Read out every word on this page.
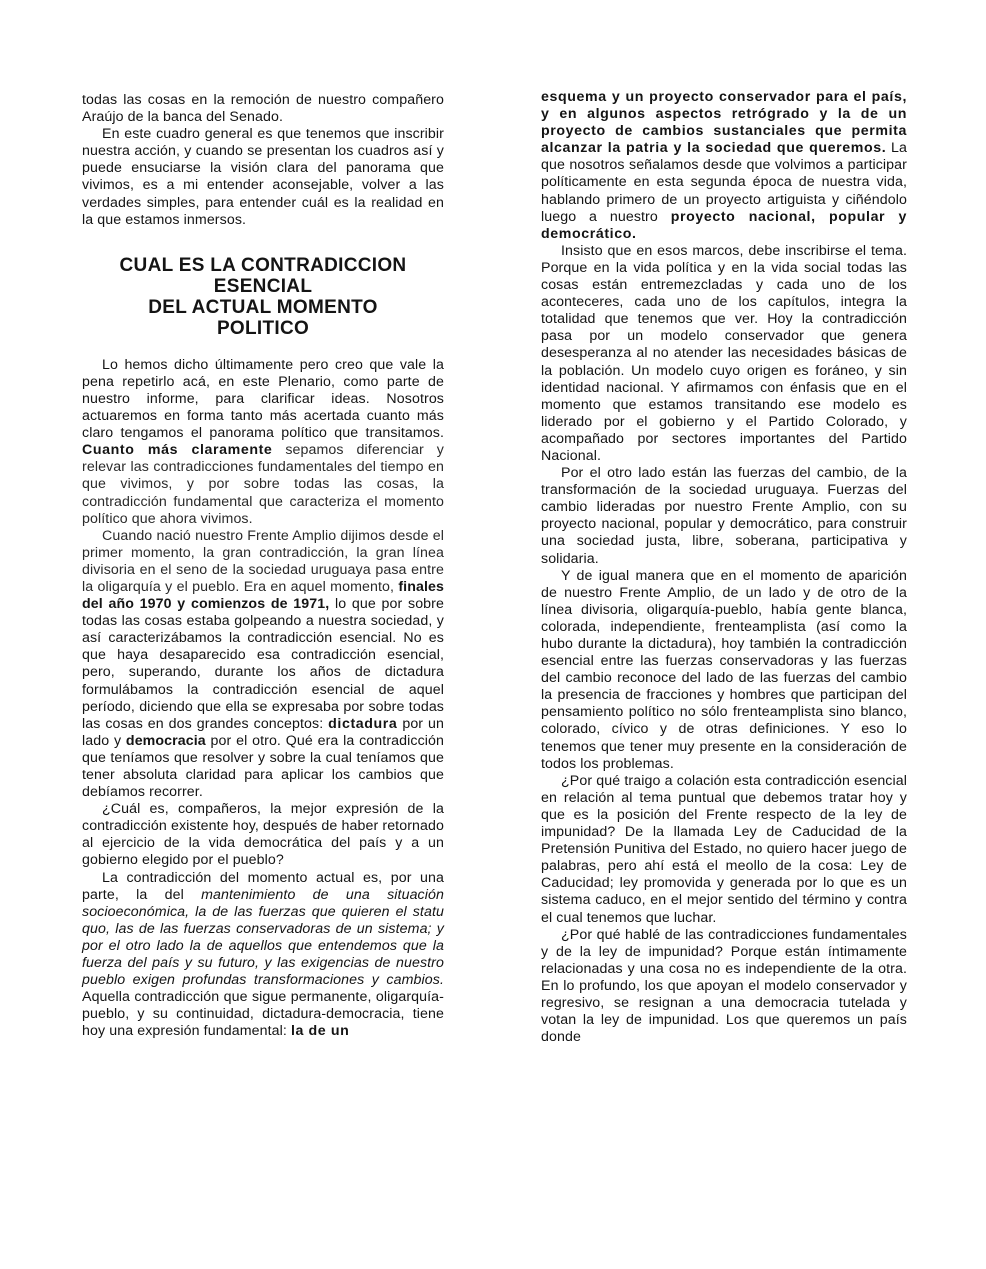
todas las cosas en la remoción de nuestro compañero Araújo de la banca del Senado.

En este cuadro general es que tenemos que inscribir nuestra acción, y cuando se presentan los cuadros así y puede ensuciarse la visión clara del panorama que vivimos, es a mi entender aconsejable, volver a las verdades simples, para entender cuál es la realidad en la que estamos inmersos.

CUAL ES LA CONTRADICCION
ESENCIAL
DEL ACTUAL MOMENTO
POLITICO

Lo hemos dicho últimamente pero creo que vale la pena repetirlo acá, en este Plenario, como parte de nuestro informe, para clarificar ideas. Nosotros actuaremos en forma tanto más acertada cuanto más claro tengamos el panorama político que transitamos. Cuanto más claramente sepamos diferenciar y relevar las contradicciones fundamentales del tiempo en que vivimos, y por sobre todas las cosas, la contradicción fundamental que caracteriza el momento político que ahora vivimos.

Cuando nació nuestro Frente Amplio dijimos desde el primer momento, la gran contradicción, la gran línea divisoria en el seno de la sociedad uruguaya pasa entre la oligarquía y el pueblo. Era en aquel momento, finales del año 1970 y comienzos de 1971, lo que por sobre todas las cosas estaba golpeando a nuestra sociedad, y así caracterizábamos la contradicción esencial. No es que haya desaparecido esa contradicción esencial, pero, superando, durante los años de dictadura formulábamos la contradicción esencial de aquel período, diciendo que ella se expresaba por sobre todas las cosas en dos grandes conceptos: dictadura por un lado y democracia por el otro. Qué era la contradicción que teníamos que resolver y sobre la cual teníamos que tener absoluta claridad para aplicar los cambios que debíamos recorrer.

¿Cuál es, compañeros, la mejor expresión de la contradicción existente hoy, después de haber retornado al ejercicio de la vida democrática del país y a un gobierno elegido por el pueblo?

La contradicción del momento actual es, por una parte, la del mantenimiento de una situación socioeconómica, la de las fuerzas que quieren el statu quo, las de las fuerzas conservadoras de un sistema; y por el otro lado la de aquellos que entendemos que la fuerza del país y su futuro, y las exigencias de nuestro pueblo exigen profundas transformaciones y cambios. Aquella contradicción que sigue permanente, oligarquía-pueblo, y su continuidad, dictadura-democracia, tiene hoy una expresión fundamental: la de un

esquema y un proyecto conservador para el país, y en algunos aspectos retrógrado y la de un proyecto de cambios sustanciales que permita alcanzar la patria y la sociedad que queremos. La que nosotros señalamos desde que volvimos a participar políticamente en esta segunda época de nuestra vida, hablando primero de un proyecto artiguista y ciñéndolo luego a nuestro proyecto nacional, popular y democrático.

Insisto que en esos marcos, debe inscribirse el tema. Porque en la vida política y en la vida social todas las cosas están entremezcladas y cada uno de los aconteceres, cada uno de los capítulos, integra la totalidad que tenemos que ver. Hoy la contradicción pasa por un modelo conservador que genera desesperanza al no atender las necesidades básicas de la población. Un modelo cuyo origen es foráneo, y sin identidad nacional. Y afirmamos con énfasis que en el momento que estamos transitando ese modelo es liderado por el gobierno y el Partido Colorado, y acompañado por sectores importantes del Partido Nacional.

Por el otro lado están las fuerzas del cambio, de la transformación de la sociedad uruguaya. Fuerzas del cambio lideradas por nuestro Frente Amplio, con su proyecto nacional, popular y democrático, para construir una sociedad justa, libre, soberana, participativa y solidaria.

Y de igual manera que en el momento de aparición de nuestro Frente Amplio, de un lado y de otro de la línea divisoria, oligarquía-pueblo, había gente blanca, colorada, independiente, frenteamplista (así como la hubo durante la dictadura), hoy también la contradicción esencial entre las fuerzas conservadoras y las fuerzas del cambio reconoce del lado de las fuerzas del cambio la presencia de fracciones y hombres que participan del pensamiento político no sólo frenteamplista sino blanco, colorado, cívico y de otras definiciones. Y eso lo tenemos que tener muy presente en la consideración de todos los problemas.

¿Por qué traigo a colación esta contradicción esencial en relación al tema puntual que debemos tratar hoy y que es la posición del Frente respecto de la ley de impunidad? De la llamada Ley de Caducidad de la Pretensión Punitiva del Estado, no quiero hacer juego de palabras, pero ahí está el meollo de la cosa: Ley de Caducidad; ley promovida y generada por lo que es un sistema caduco, en el mejor sentido del término y contra el cual tenemos que luchar.

¿Por qué hablé de las contradicciones fundamentales y de la ley de impunidad? Porque están íntimamente relacionadas y una cosa no es independiente de la otra. En lo profundo, los que apoyan el modelo conservador y regresivo, se resignan a una democracia tutelada y votan la ley de impunidad. Los que queremos un país donde
